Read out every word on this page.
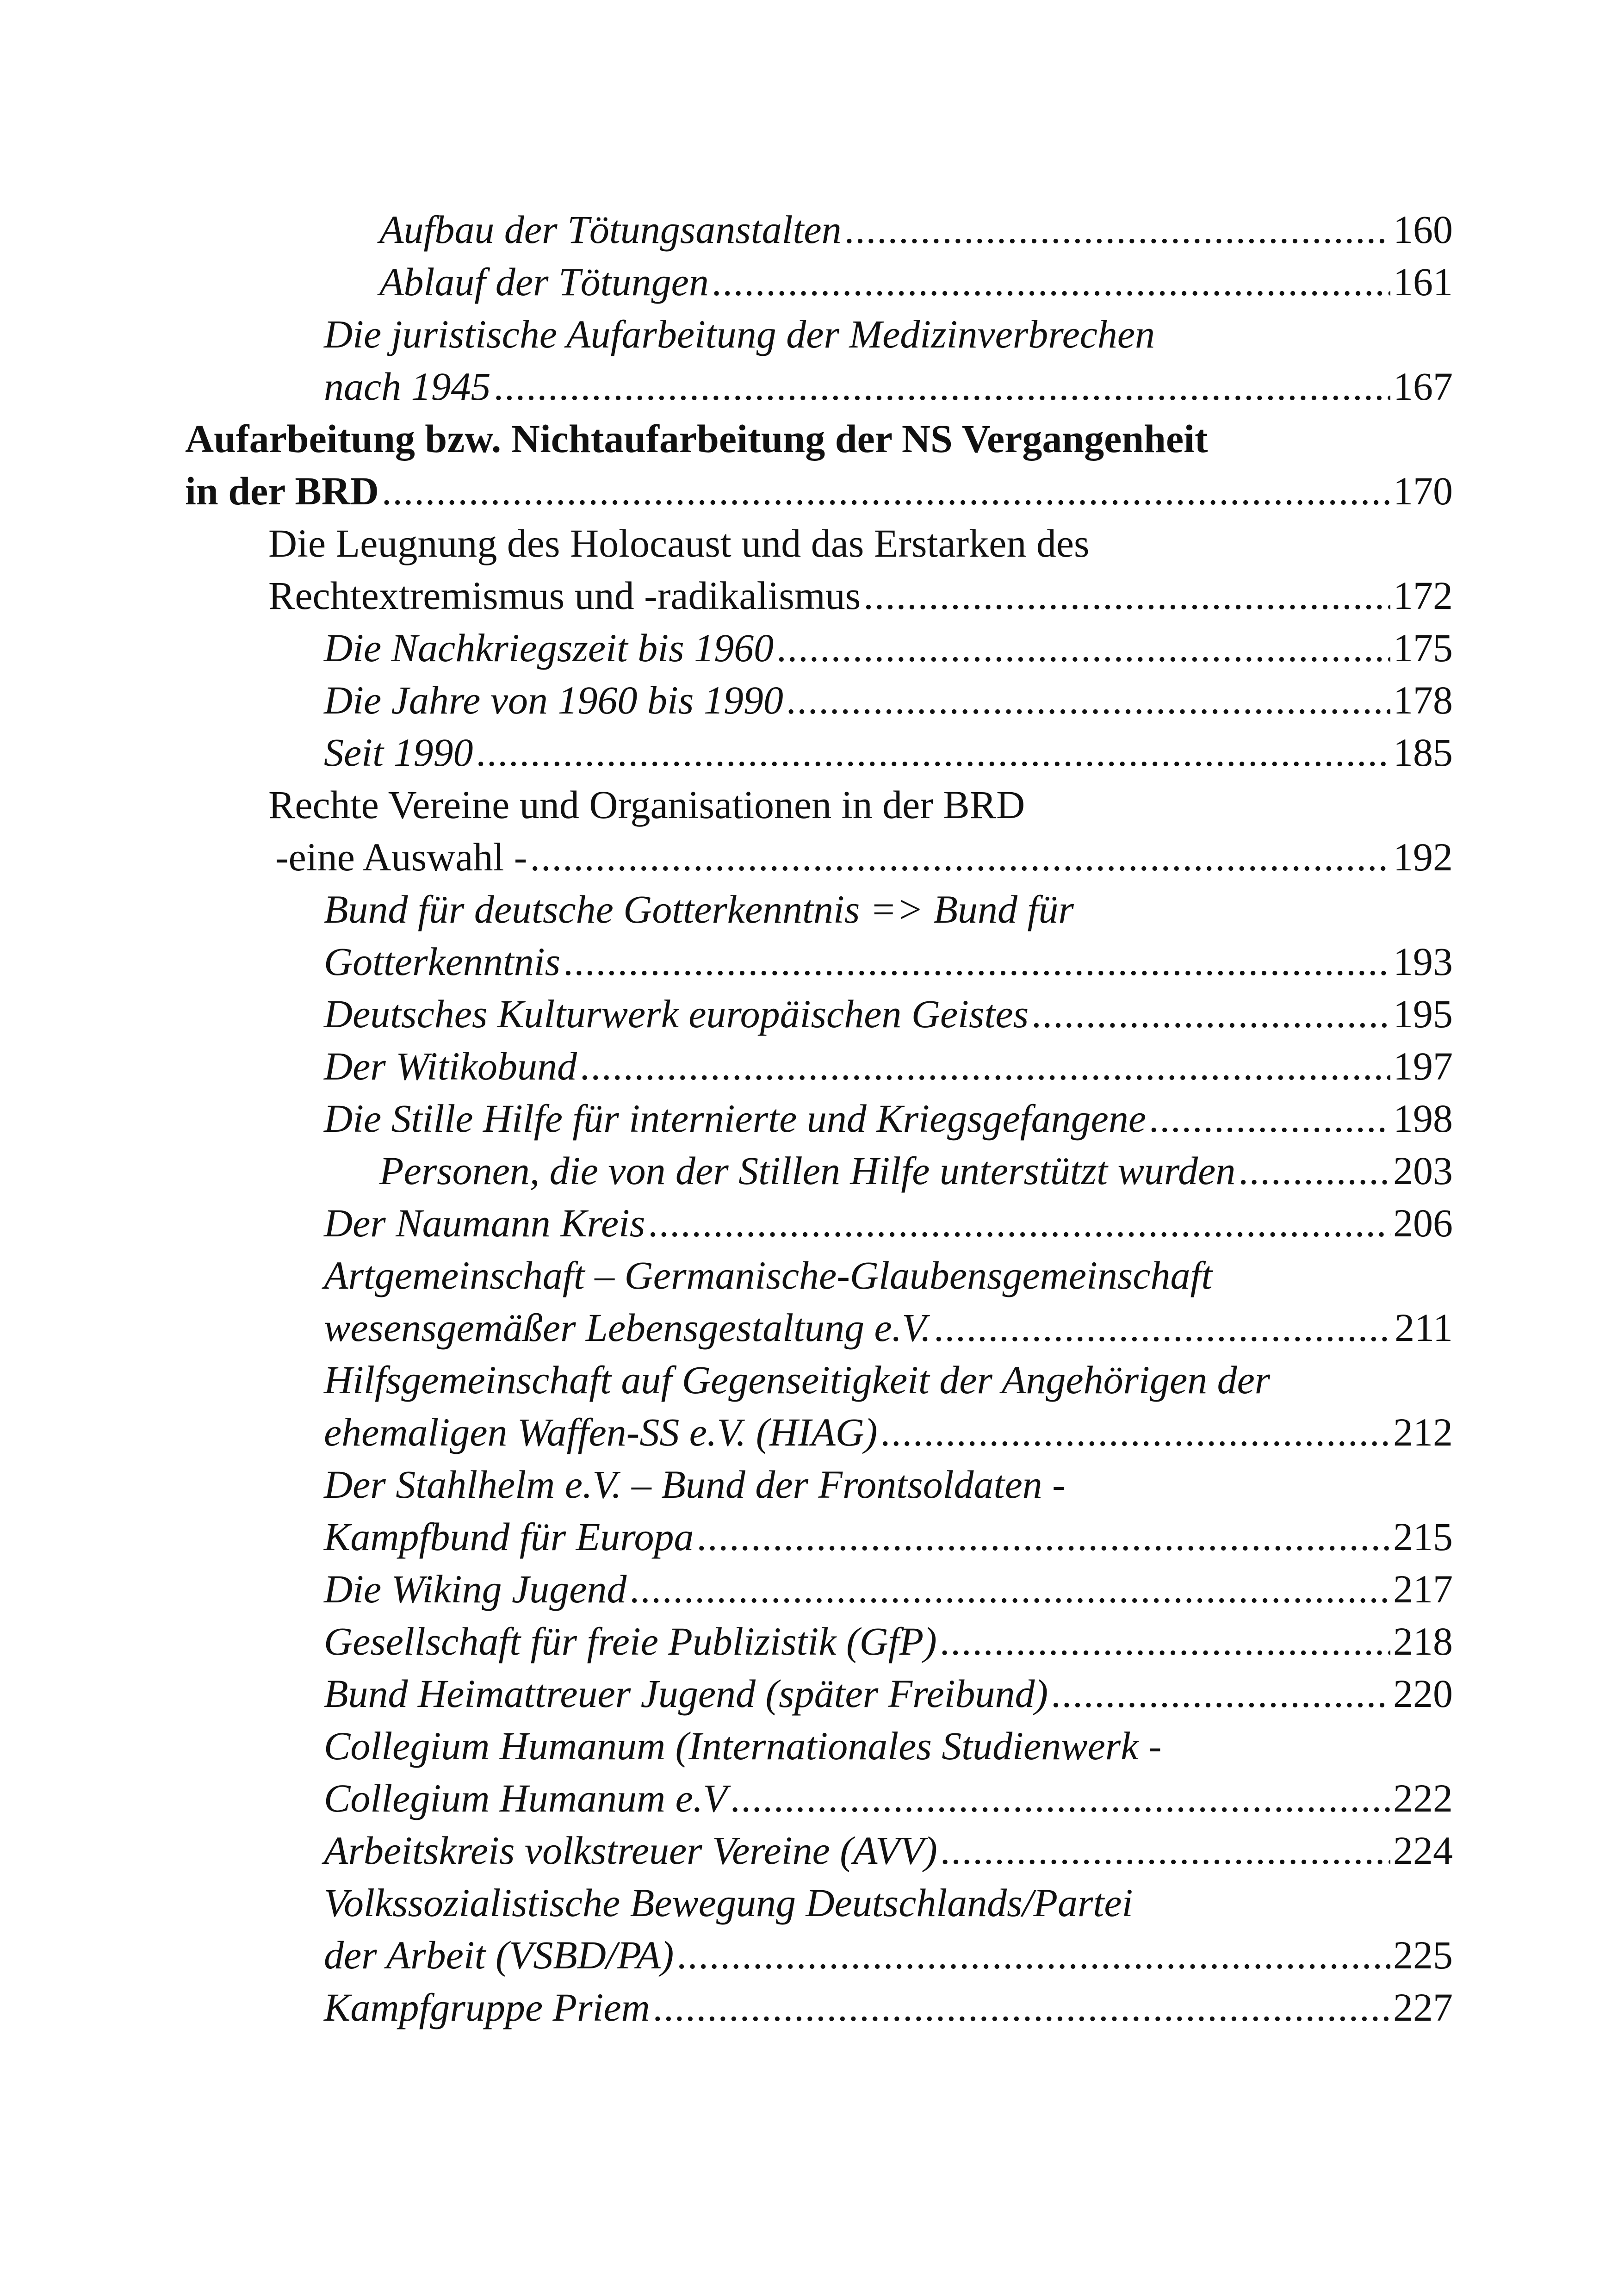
Aufbau der Tötungsanstalten .....	160
Ablauf der Tötungen .....	161
Die juristische Aufarbeitung der Medizinverbrechen
nach 1945 .....	167
Aufarbeitung bzw. Nichtaufarbeitung der NS Vergangenheit
in der BRD .....	170
Die Leugnung des Holocaust und das Erstarken des
Rechtextremismus und -radikalismus .....	172
Die Nachkriegszeit bis 1960 .....	175
Die Jahre von 1960 bis 1990 .....	178
Seit 1990 .....	185
Rechte Vereine und Organisationen in der BRD
-eine Auswahl - .....	192
Bund für deutsche Gotterkenntnis => Bund für
Gotterkenntnis .....	193
Deutsches Kulturwerk europäischen Geistes .....	195
Der Witikobund .....	197
Die Stille Hilfe für internierte und Kriegsgefangene .....	198
Personen, die von der Stillen Hilfe unterstützt wurden .....	203
Der Naumann Kreis .....	206
Artgemeinschaft – Germanische-Glaubensgemeinschaft
wesensgemäßer Lebensgestaltung e.V. .....	211
Hilfsgemeinschaft auf Gegenseitigkeit der Angehörigen der
ehemaligen Waffen-SS e.V. (HIAG) .....	212
Der Stahlhelm e.V. – Bund der Frontsoldaten -
Kampfbund für Europa .....	215
Die Wiking Jugend .....	217
Gesellschaft für freie Publizistik (GfP) .....	218
Bund Heimattreuer Jugend (später Freibund) .....	220
Collegium Humanum (Internationales Studienwerk -
Collegium Humanum e.V .....	222
Arbeitskreis volkstreuer Vereine (AVV) .....	224
Volkssozialistische Bewegung Deutschlands/Partei
der Arbeit (VSBD/PA) .....	225
Kampfgruppe Priem .....	227
